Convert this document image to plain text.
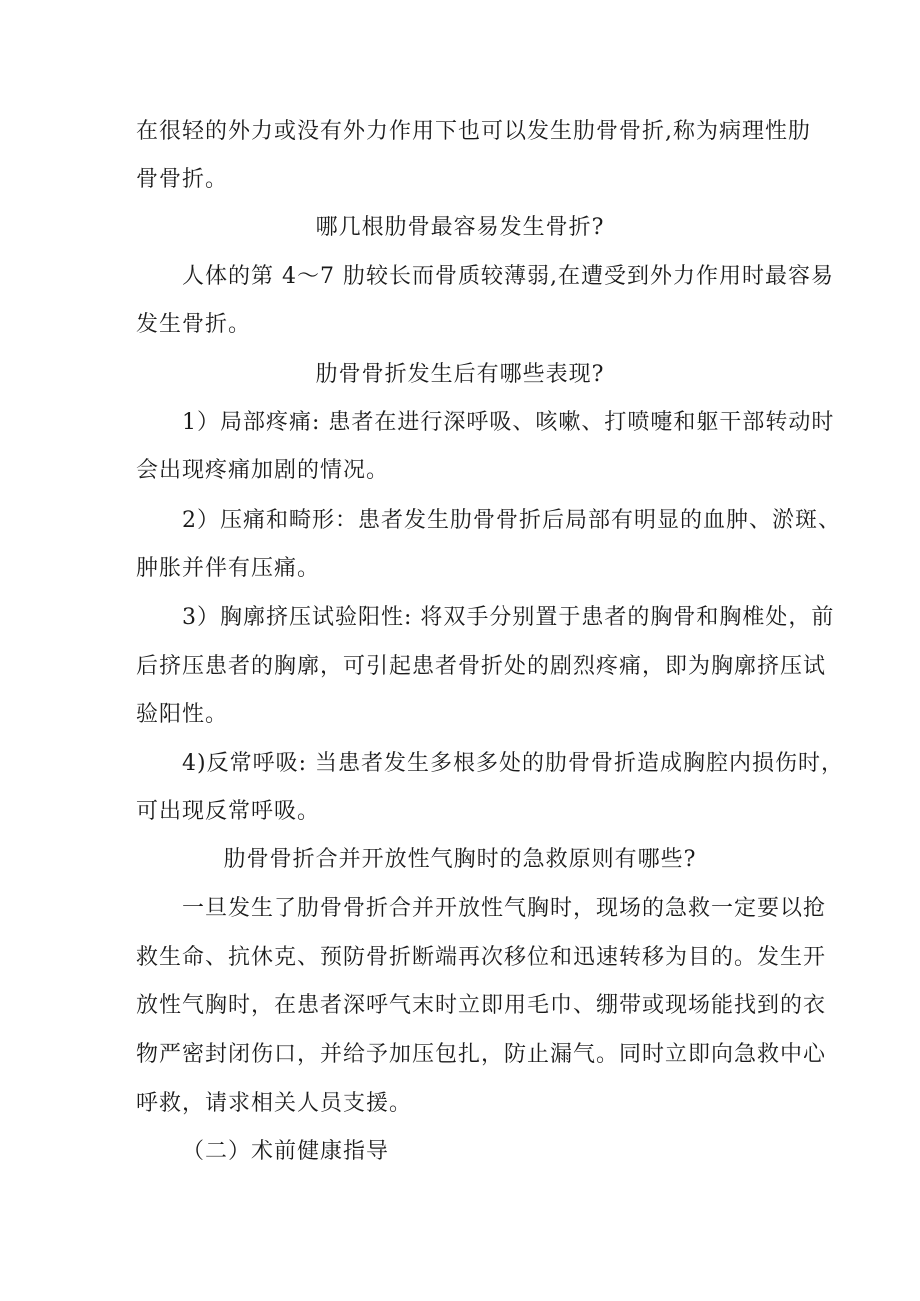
在很轻的外力或没有外力作用下也可以发生肋骨骨折,称为病理性肋
骨骨折。
哪几根肋骨最容易发生骨折?
人体的第 4～7 肋较长而骨质较薄弱,在遭受到外力作用时最容易
发生骨折。
肋骨骨折发生后有哪些表现?
1）局部疼痛: 患者在进行深呼吸、咳嗽、打喷嚏和躯干部转动时
会出现疼痛加剧的情况。
2）压痛和畸形：患者发生肋骨骨折后局部有明显的血肿、淤斑、
肿胀并伴有压痛。
3）胸廓挤压试验阳性: 将双手分别置于患者的胸骨和胸椎处，前
后挤压患者的胸廓，可引起患者骨折处的剧烈疼痛，即为胸廓挤压试
验阳性。
4)反常呼吸: 当患者发生多根多处的肋骨骨折造成胸腔内损伤时，
可出现反常呼吸。
肋骨骨折合并开放性气胸时的急救原则有哪些?
一旦发生了肋骨骨折合并开放性气胸时，现场的急救一定要以抢
救生命、抗休克、预防骨折断端再次移位和迅速转移为目的。发生开
放性气胸时，在患者深呼气末时立即用毛巾、绷带或现场能找到的衣
物严密封闭伤口，并给予加压包扎，防止漏气。同时立即向急救中心
呼救，请求相关人员支援。
（二）术前健康指导
